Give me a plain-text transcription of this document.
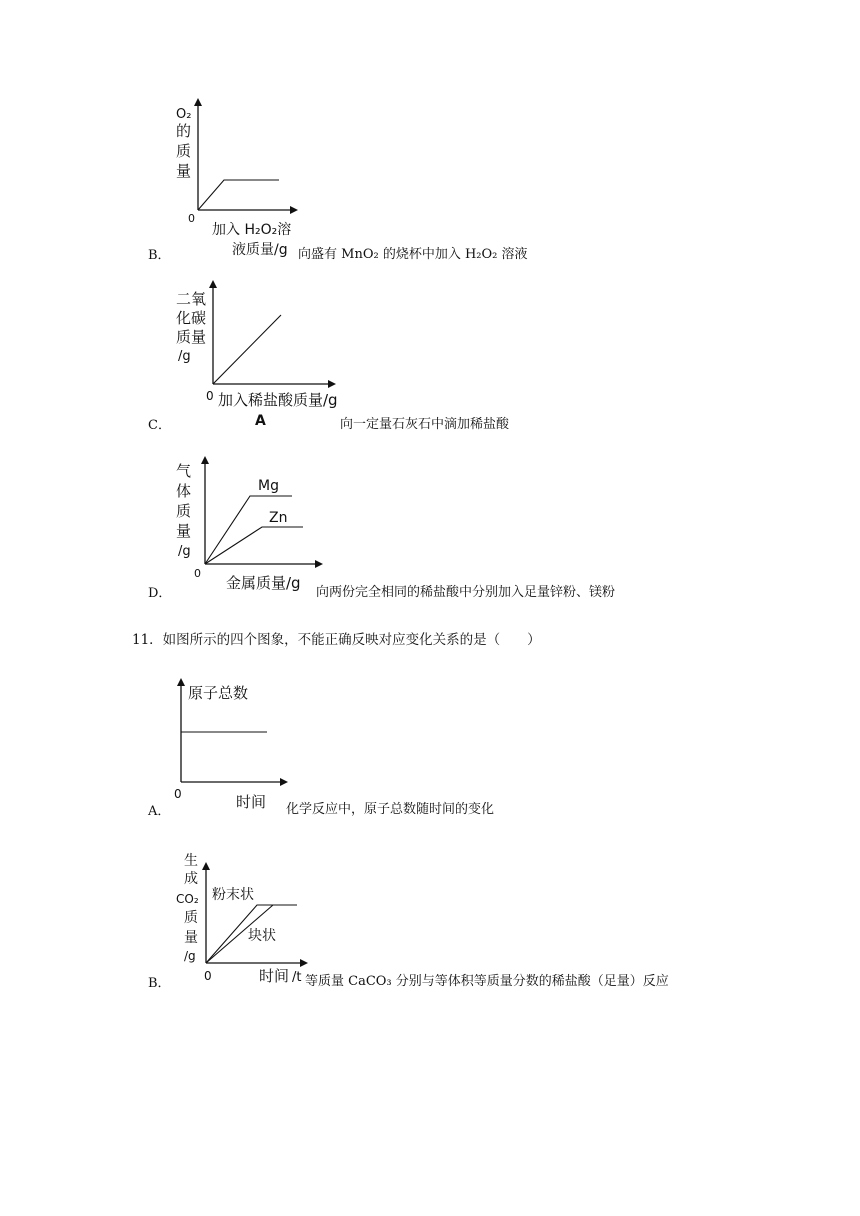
O₂
的
质
量
0
加入 H₂O₂溶
液质量/g
B．	向盛有 MnO₂ 的烧杯中加入 H₂O₂ 溶液
二氧
化碳
质量
/g
0 加入稀盐酸质量/g
A
C．	向一定量石灰石中滴加稀盐酸
Mg
Zn
气
体
质
量
/g
0
金属质量/g
D．	向两份完全相同的稀盐酸中分别加入足量锌粉、镁粉
11．如图所示的四个图象，不能正确反映对应变化关系的是（　　）
原子总数
0	时间
A．	化学反应中，原子总数随时间的变化
粉末状
块状
生
成
CO₂
质
量
/g
0	时间 /t
B．	等质量 CaCO₃ 分别与等体积等质量分数的稀盐酸（足量）反应
